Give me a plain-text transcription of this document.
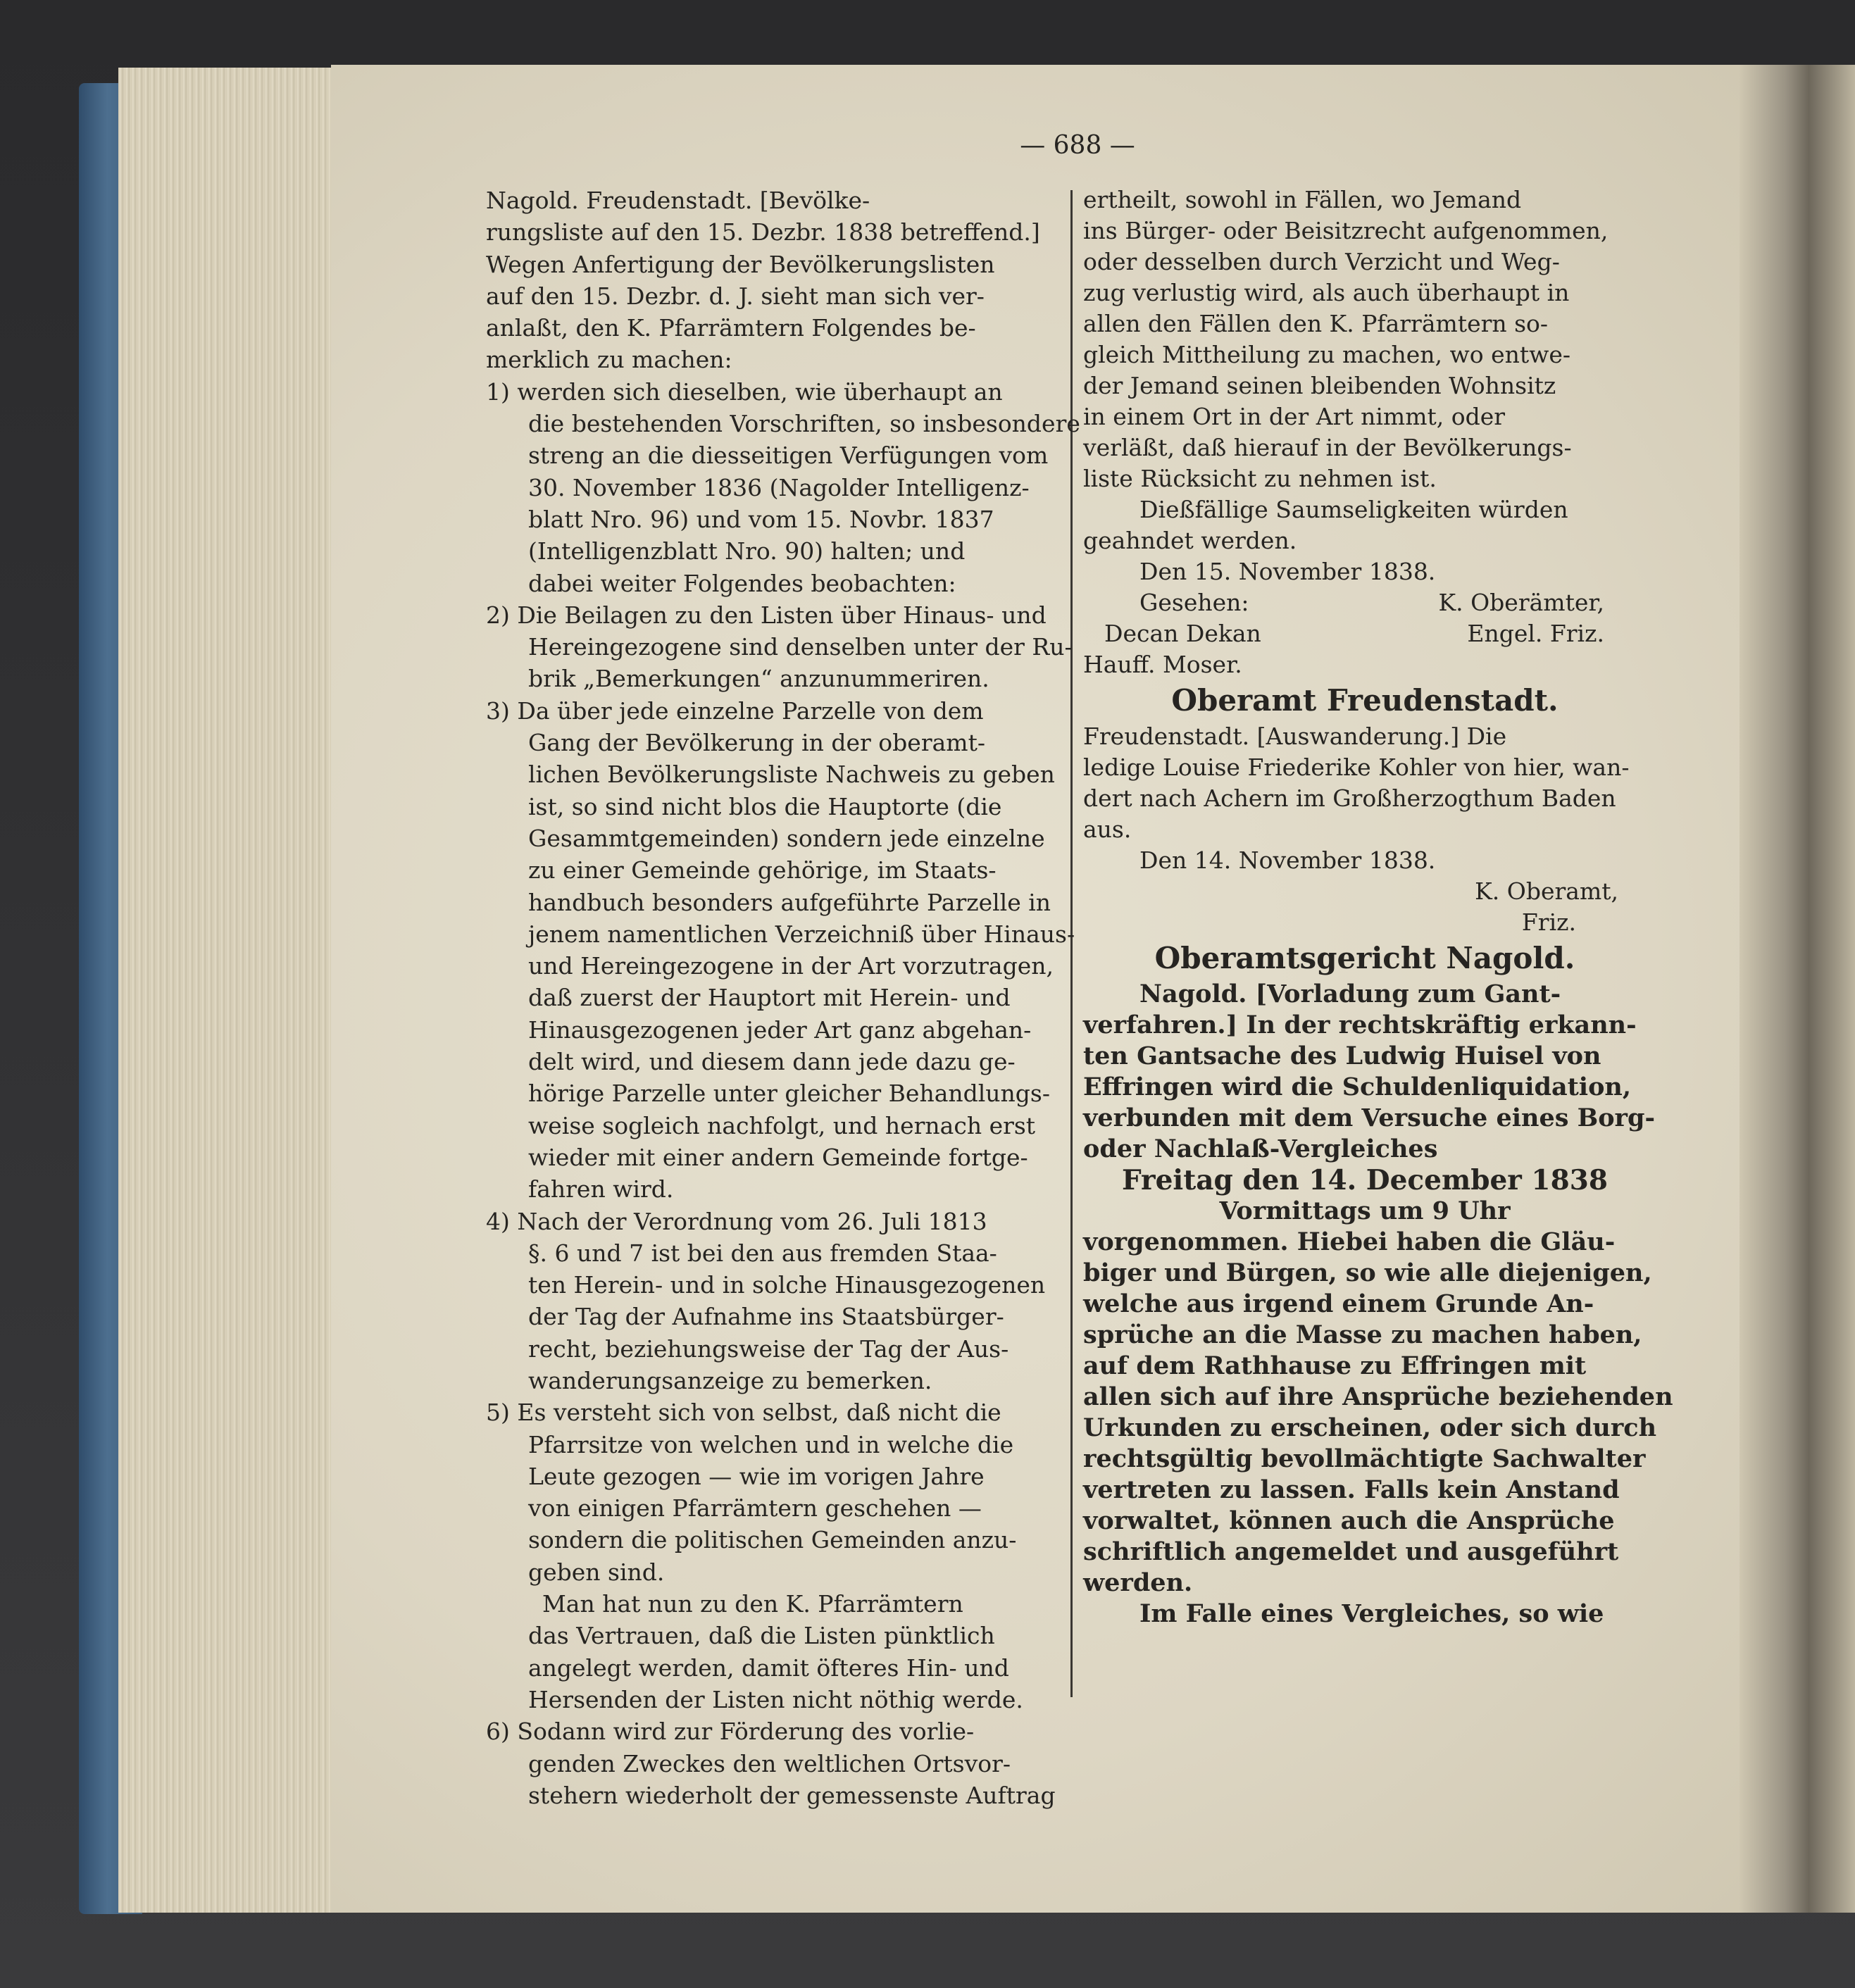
— 688 —
Nagold. Freudenstadt. [Bevölke-
rungsliste auf den 15. Dezbr. 1838 betreffend.]
Wegen Anfertigung der Bevölkerungslisten
auf den 15. Dezbr. d. J. sieht man sich ver-
anlaßt, den K. Pfarrämtern Folgendes be-
merklich zu machen:
1) werden sich dieselben, wie überhaupt an
die bestehenden Vorschriften, so insbesondere
streng an die diesseitigen Verfügungen vom
30. November 1836 (Nagolder Intelligenz-
blatt Nro. 96) und vom 15. Novbr. 1837
(Intelligenzblatt Nro. 90) halten; und
dabei weiter Folgendes beobachten:
2) Die Beilagen zu den Listen über Hinaus- und
Hereingezogene sind denselben unter der Ru-
brik „Bemerkungen“ anzunummeriren.
3) Da über jede einzelne Parzelle von dem
Gang der Bevölkerung in der oberamt-
lichen Bevölkerungsliste Nachweis zu geben
ist, so sind nicht blos die Hauptorte (die
Gesammtgemeinden) sondern jede einzelne
zu einer Gemeinde gehörige, im Staats-
handbuch besonders aufgeführte Parzelle in
jenem namentlichen Verzeichniß über Hinaus-
und Hereingezogene in der Art vorzutragen,
daß zuerst der Hauptort mit Herein- und
Hinausgezogenen jeder Art ganz abgehan-
delt wird, und diesem dann jede dazu ge-
hörige Parzelle unter gleicher Behandlungs-
weise sogleich nachfolgt, und hernach erst
wieder mit einer andern Gemeinde fortge-
fahren wird.
4) Nach der Verordnung vom 26. Juli 1813
§. 6 und 7 ist bei den aus fremden Staa-
ten Herein- und in solche Hinausgezogenen
der Tag der Aufnahme ins Staatsbürger-
recht, beziehungsweise der Tag der Aus-
wanderungsanzeige zu bemerken.
5) Es versteht sich von selbst, daß nicht die
Pfarrsitze von welchen und in welche die
Leute gezogen — wie im vorigen Jahre
von einigen Pfarrämtern geschehen —
sondern die politischen Gemeinden anzu-
geben sind.
Man hat nun zu den K. Pfarrämtern
das Vertrauen, daß die Listen pünktlich
angelegt werden, damit öfteres Hin- und
Hersenden der Listen nicht nöthig werde.
6) Sodann wird zur Förderung des vorlie-
genden Zweckes den weltlichen Ortsvor-
stehern wiederholt der gemessenste Auftrag
ertheilt, sowohl in Fällen, wo Jemand
ins Bürger- oder Beisitzrecht aufgenommen,
oder desselben durch Verzicht und Weg-
zug verlustig wird, als auch überhaupt in
allen den Fällen den K. Pfarrämtern so-
gleich Mittheilung zu machen, wo entwe-
der Jemand seinen bleibenden Wohnsitz
in einem Ort in der Art nimmt, oder
verläßt, daß hierauf in der Bevölkerungs-
liste Rücksicht zu nehmen ist.
Dießfällige Saumseligkeiten würden
geahndet werden.
Den 15. November 1838.
Gesehen:	K. Oberämter,
Decan Dekan	Engel. Friz.
Hauff. Moser.
Oberamt Freudenstadt.
Freudenstadt. [Auswanderung.] Die
ledige Louise Friederike Kohler von hier, wan-
dert nach Achern im Großherzogthum Baden
aus.
Den 14. November 1838.
K. Oberamt,
Friz.
Oberamtsgericht Nagold.
Nagold. [Vorladung zum Gant-
verfahren.] In der rechtskräftig erkann-
ten Gantsache des Ludwig Huisel von
Effringen wird die Schuldenliquidation,
verbunden mit dem Versuche eines Borg-
oder Nachlaß-Vergleiches
Freitag den 14. December 1838
Vormittags um 9 Uhr
vorgenommen. Hiebei haben die Gläu-
biger und Bürgen, so wie alle diejenigen,
welche aus irgend einem Grunde An-
sprüche an die Masse zu machen haben,
auf dem Rathhause zu Effringen mit
allen sich auf ihre Ansprüche beziehenden
Urkunden zu erscheinen, oder sich durch
rechtsgültig bevollmächtigte Sachwalter
vertreten zu lassen. Falls kein Anstand
vorwaltet, können auch die Ansprüche
schriftlich angemeldet und ausgeführt
werden.
Im Falle eines Vergleiches, so wie
